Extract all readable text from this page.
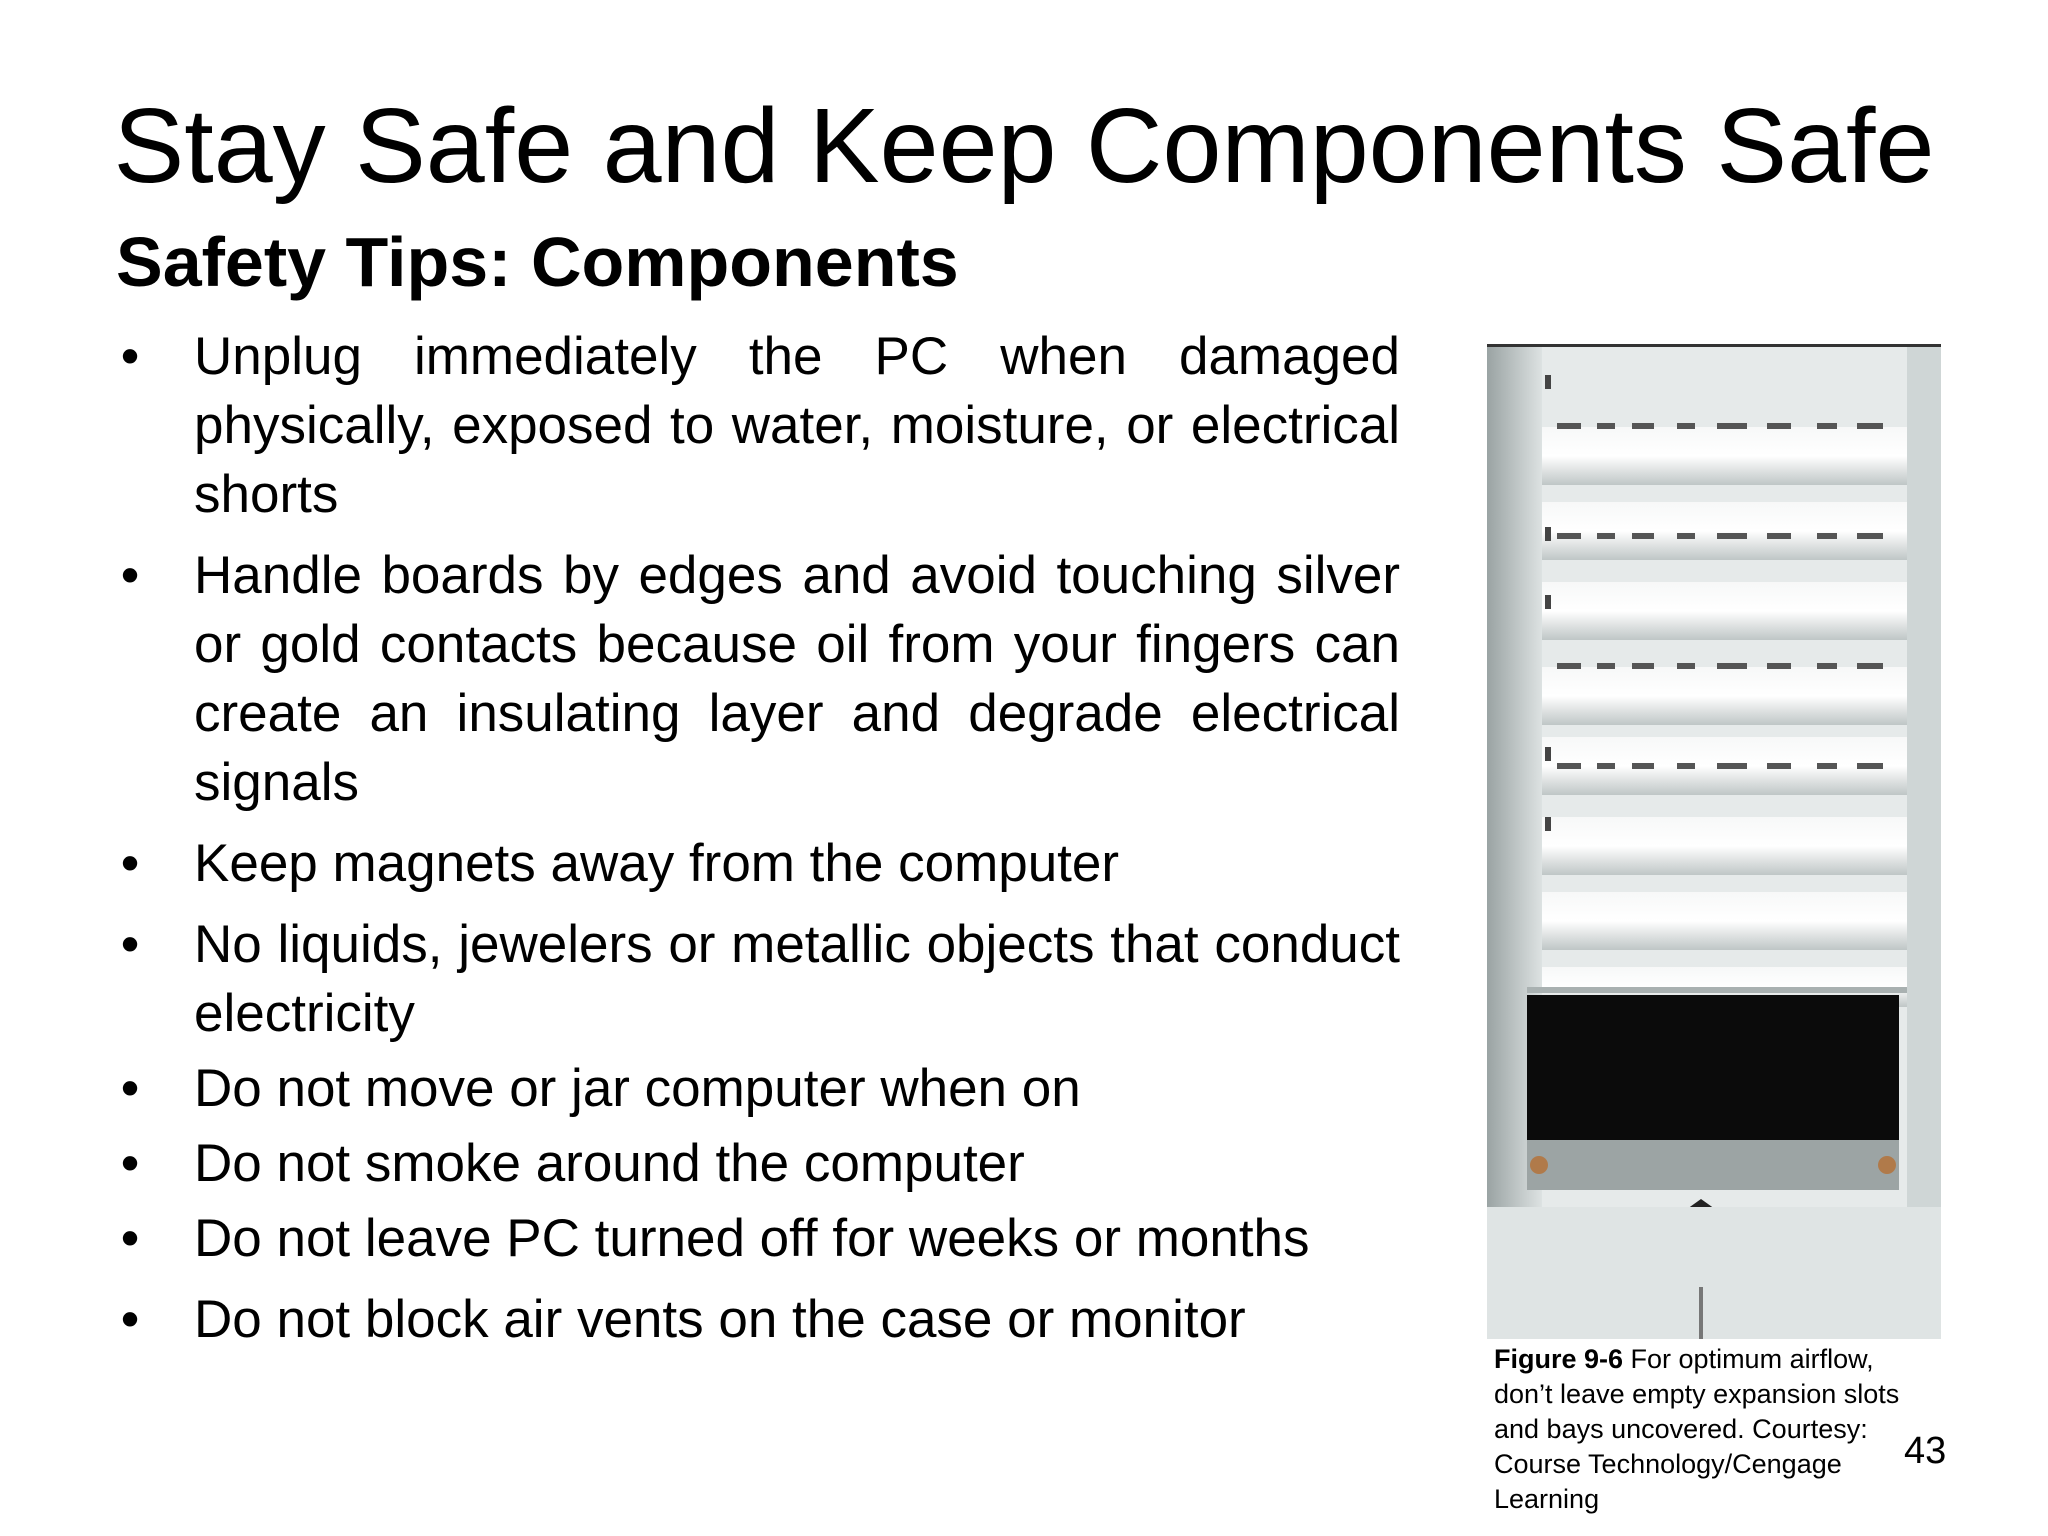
Stay Safe and Keep Components Safe
Safety Tips: Components
• Unplug immediately the PC when damaged physically, exposed to water, moisture, or electrical shorts
• Handle boards by edges and avoid touching silver or gold contacts because oil from your fingers can create an insulating layer and degrade electrical signals
• Keep magnets away from the computer
• No liquids, jewelers or metallic objects that conduct electricity
• Do not move or jar computer when on
• Do not smoke around the computer
• Do not leave PC turned off for weeks or months
• Do not block air vents on the case or monitor

Figure 9-6 For optimum airflow, don’t leave empty expansion slots and bays uncovered. Courtesy: Course Technology/Cengage Learning

43
